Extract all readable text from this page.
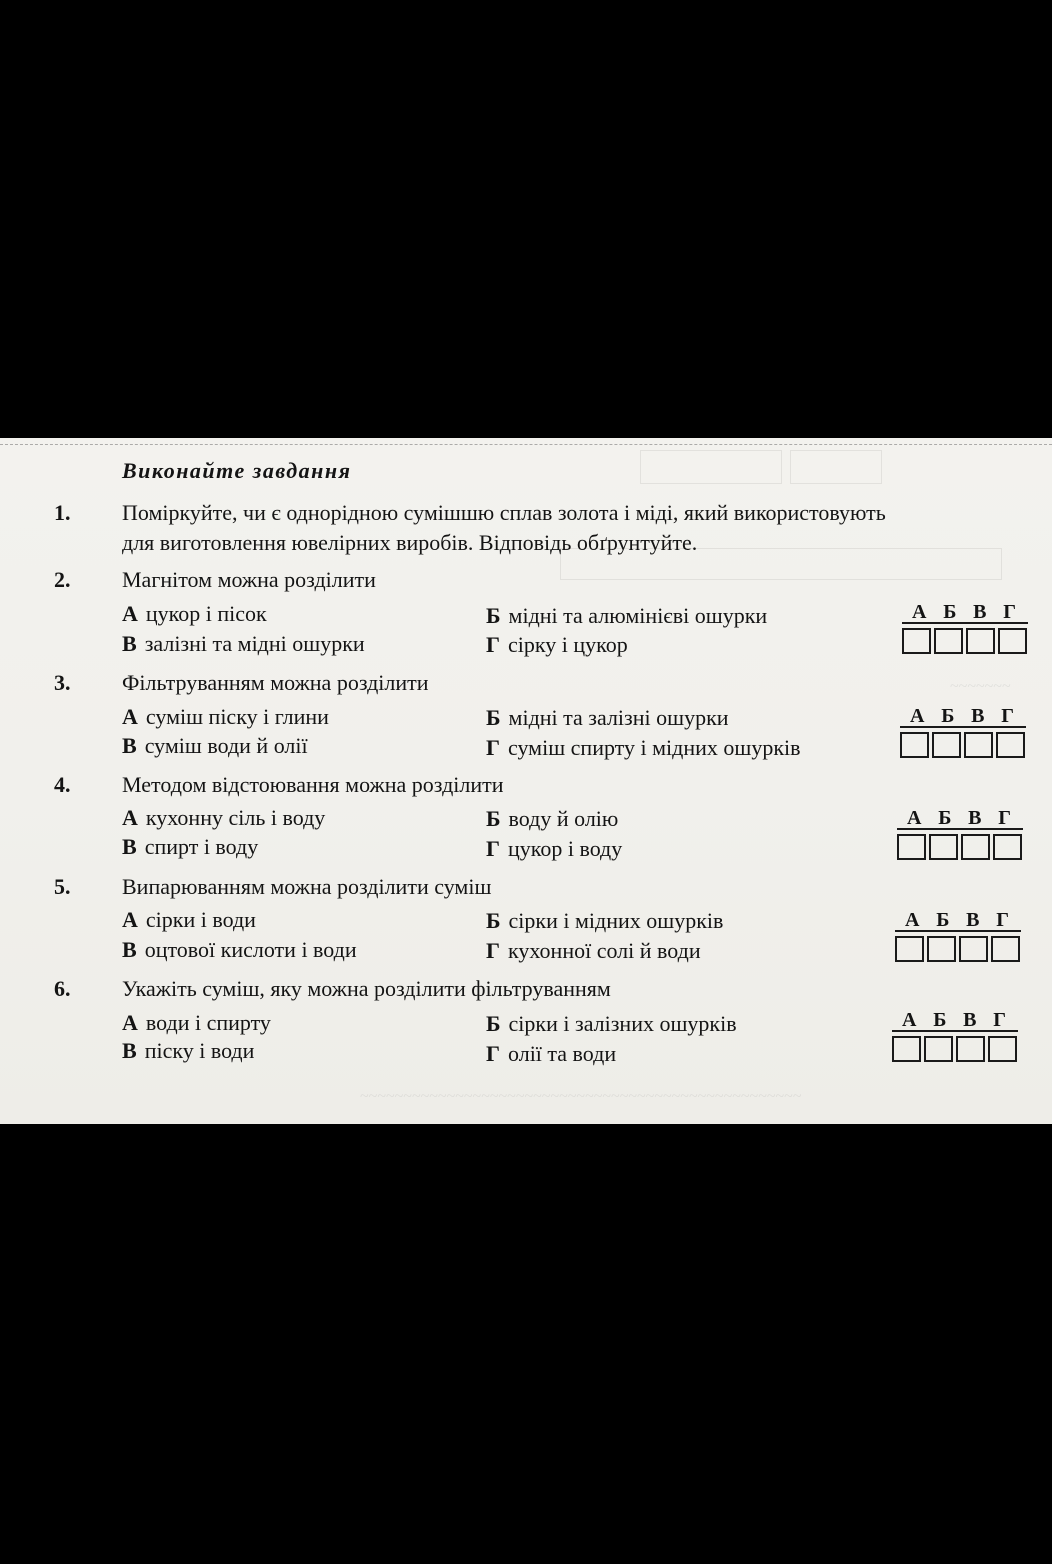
~~~~~~~
~~~~~~~~~~~~~~~~~~~~~~~~~~~~~~~~~~~~~~~~~~~~~~~~~~~
Виконайте завдання
1. Поміркуйте, чи є однорідною сумішшю сплав золота і міді, який використовують
для виготовлення ювелірних виробів. Відповідь обґрунтуйте.
2. Магнітом можна розділити
А цукор і пісок	Б мідні та алюмінієві ошурки
В залізні та мідні ошурки	Г сірку і цукор
А Б В Г
3. Фільтруванням можна розділити
А суміш піску і глини	Б мідні та залізні ошурки
В суміш води й олії	Г суміш спирту і мідних ошурків
А Б В Г
4. Методом відстоювання можна розділити
А кухонну сіль і воду	Б воду й олію
В спирт і воду	Г цукор і воду
А Б В Г
5. Випарюванням можна розділити суміш
А сірки і води	Б сірки і мідних ошурків
В оцтової кислоти і води	Г кухонної солі й води
А Б В Г
6. Укажіть суміш, яку можна розділити фільтруванням
А води і спирту	Б сірки і залізних ошурків
В піску і води	Г олії та води
А Б В Г
